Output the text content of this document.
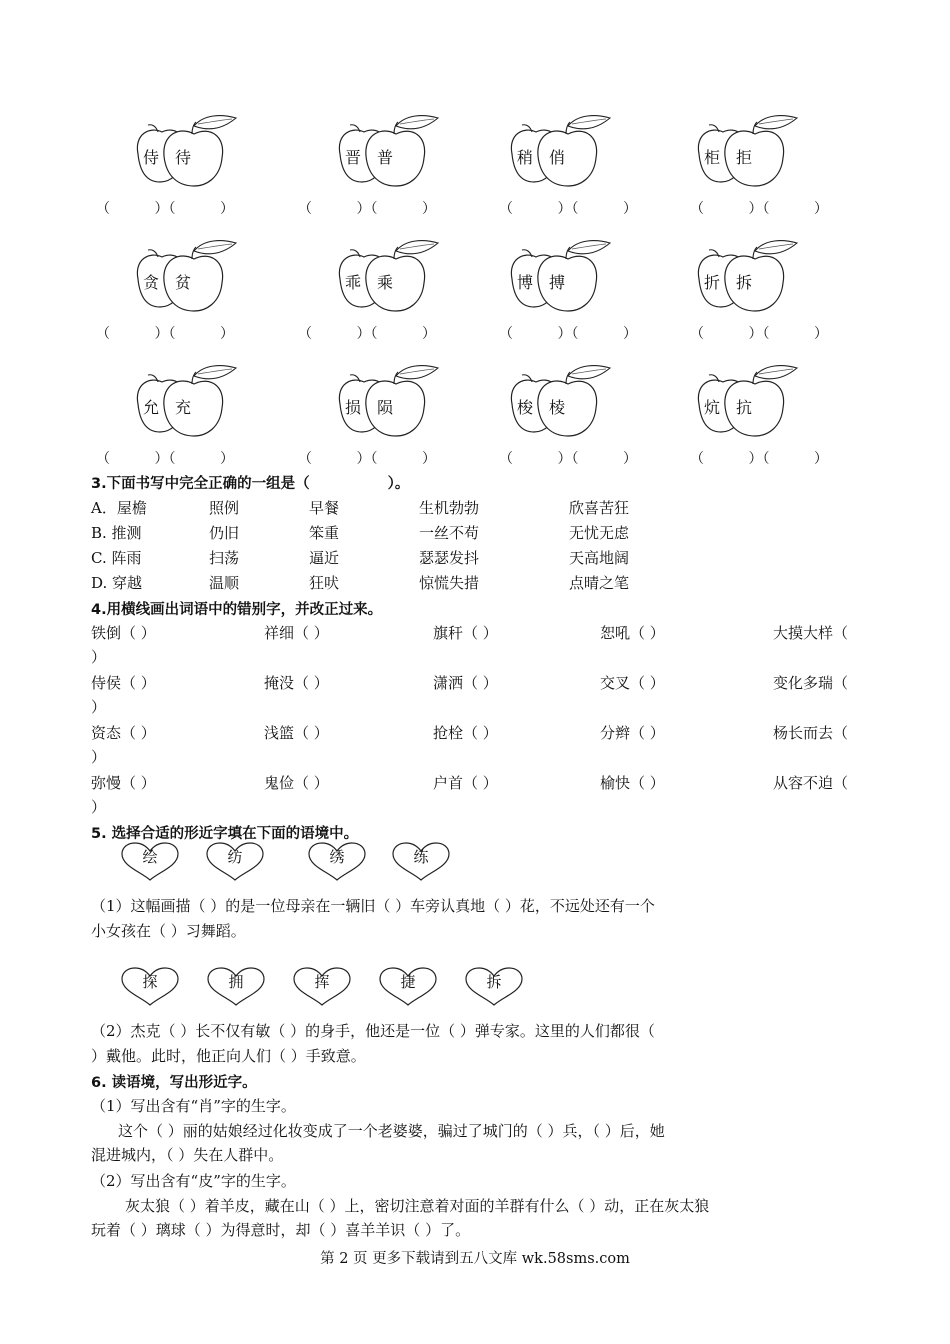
侍 待	晋 普	稍 俏	柜 拒
贪 贫	乖 乘	博 搏	折 拆
允 充	损 陨	梭 棱	炕 抗
（          ）（          ）	（          ）（          ）	（          ）（          ）	（          ）（          ）
（          ）（          ）	（          ）（          ）	（          ）（          ）	（          ）（          ）
（          ）（          ）	（          ）（          ）	（          ）（          ）	（          ）（          ）
3.下面书写中完全正确的一组是（	）。
A．屋檐	照例	早餐	生机勃勃	欣喜苦狂
B. 推测	仍旧	笨重	一丝不苟	无忧无虑
C. 阵雨	扫荡	逼近	瑟瑟发抖	天高地阔
D. 穿越	温顺	狂吠	惊慌失措	点晴之笔
4.用横线画出词语中的错别字，并改正过来。
铁倒（ ）	祥细（ ）	旗秆（ ）	恕吼（ ）	大摸大样（
）
侍侯（ ）	掩没（ ）	潇洒（ ）	交叉（ ）	变化多瑞（
）
资态（ ）	浅篮（ ）	抢栓（ ）	分辫（ ）	杨长而去（
）
弥慢（ ）	鬼俭（ ）	户首（ ）	榆快（ ）	从容不迫（
）
5. 选择合适的形近字填在下面的语境中。
绘	纺	绣	练
（1）这幅画描（ ）的是一位母亲在一辆旧（ ）车旁认真地（ ）花，不远处还有一个
小女孩在（ ）习舞蹈。
探	拥	挥	捷	拆
（2）杰克（ ）长不仅有敏（ ）的身手，他还是一位（ ）弹专家。这里的人们都很（
）戴他。此时，他正向人们（ ）手致意。
6. 读语境，写出形近字。
（1）写出含有“肖”字的生字。
这个（ ）丽的姑娘经过化妆变成了一个老婆婆，骗过了城门的（ ）兵，（ ）后，她
混进城内，（ ）失在人群中。
（2）写出含有“皮”字的生字。
灰太狼（ ）着羊皮，藏在山（ ）上，密切注意着对面的羊群有什么（ ）动，正在灰太狼
玩着（ ）璃球（ ）为得意时，却（ ）喜羊羊识（ ）了。
第 2 页 更多下载请到五八文库 wk.58sms.com
